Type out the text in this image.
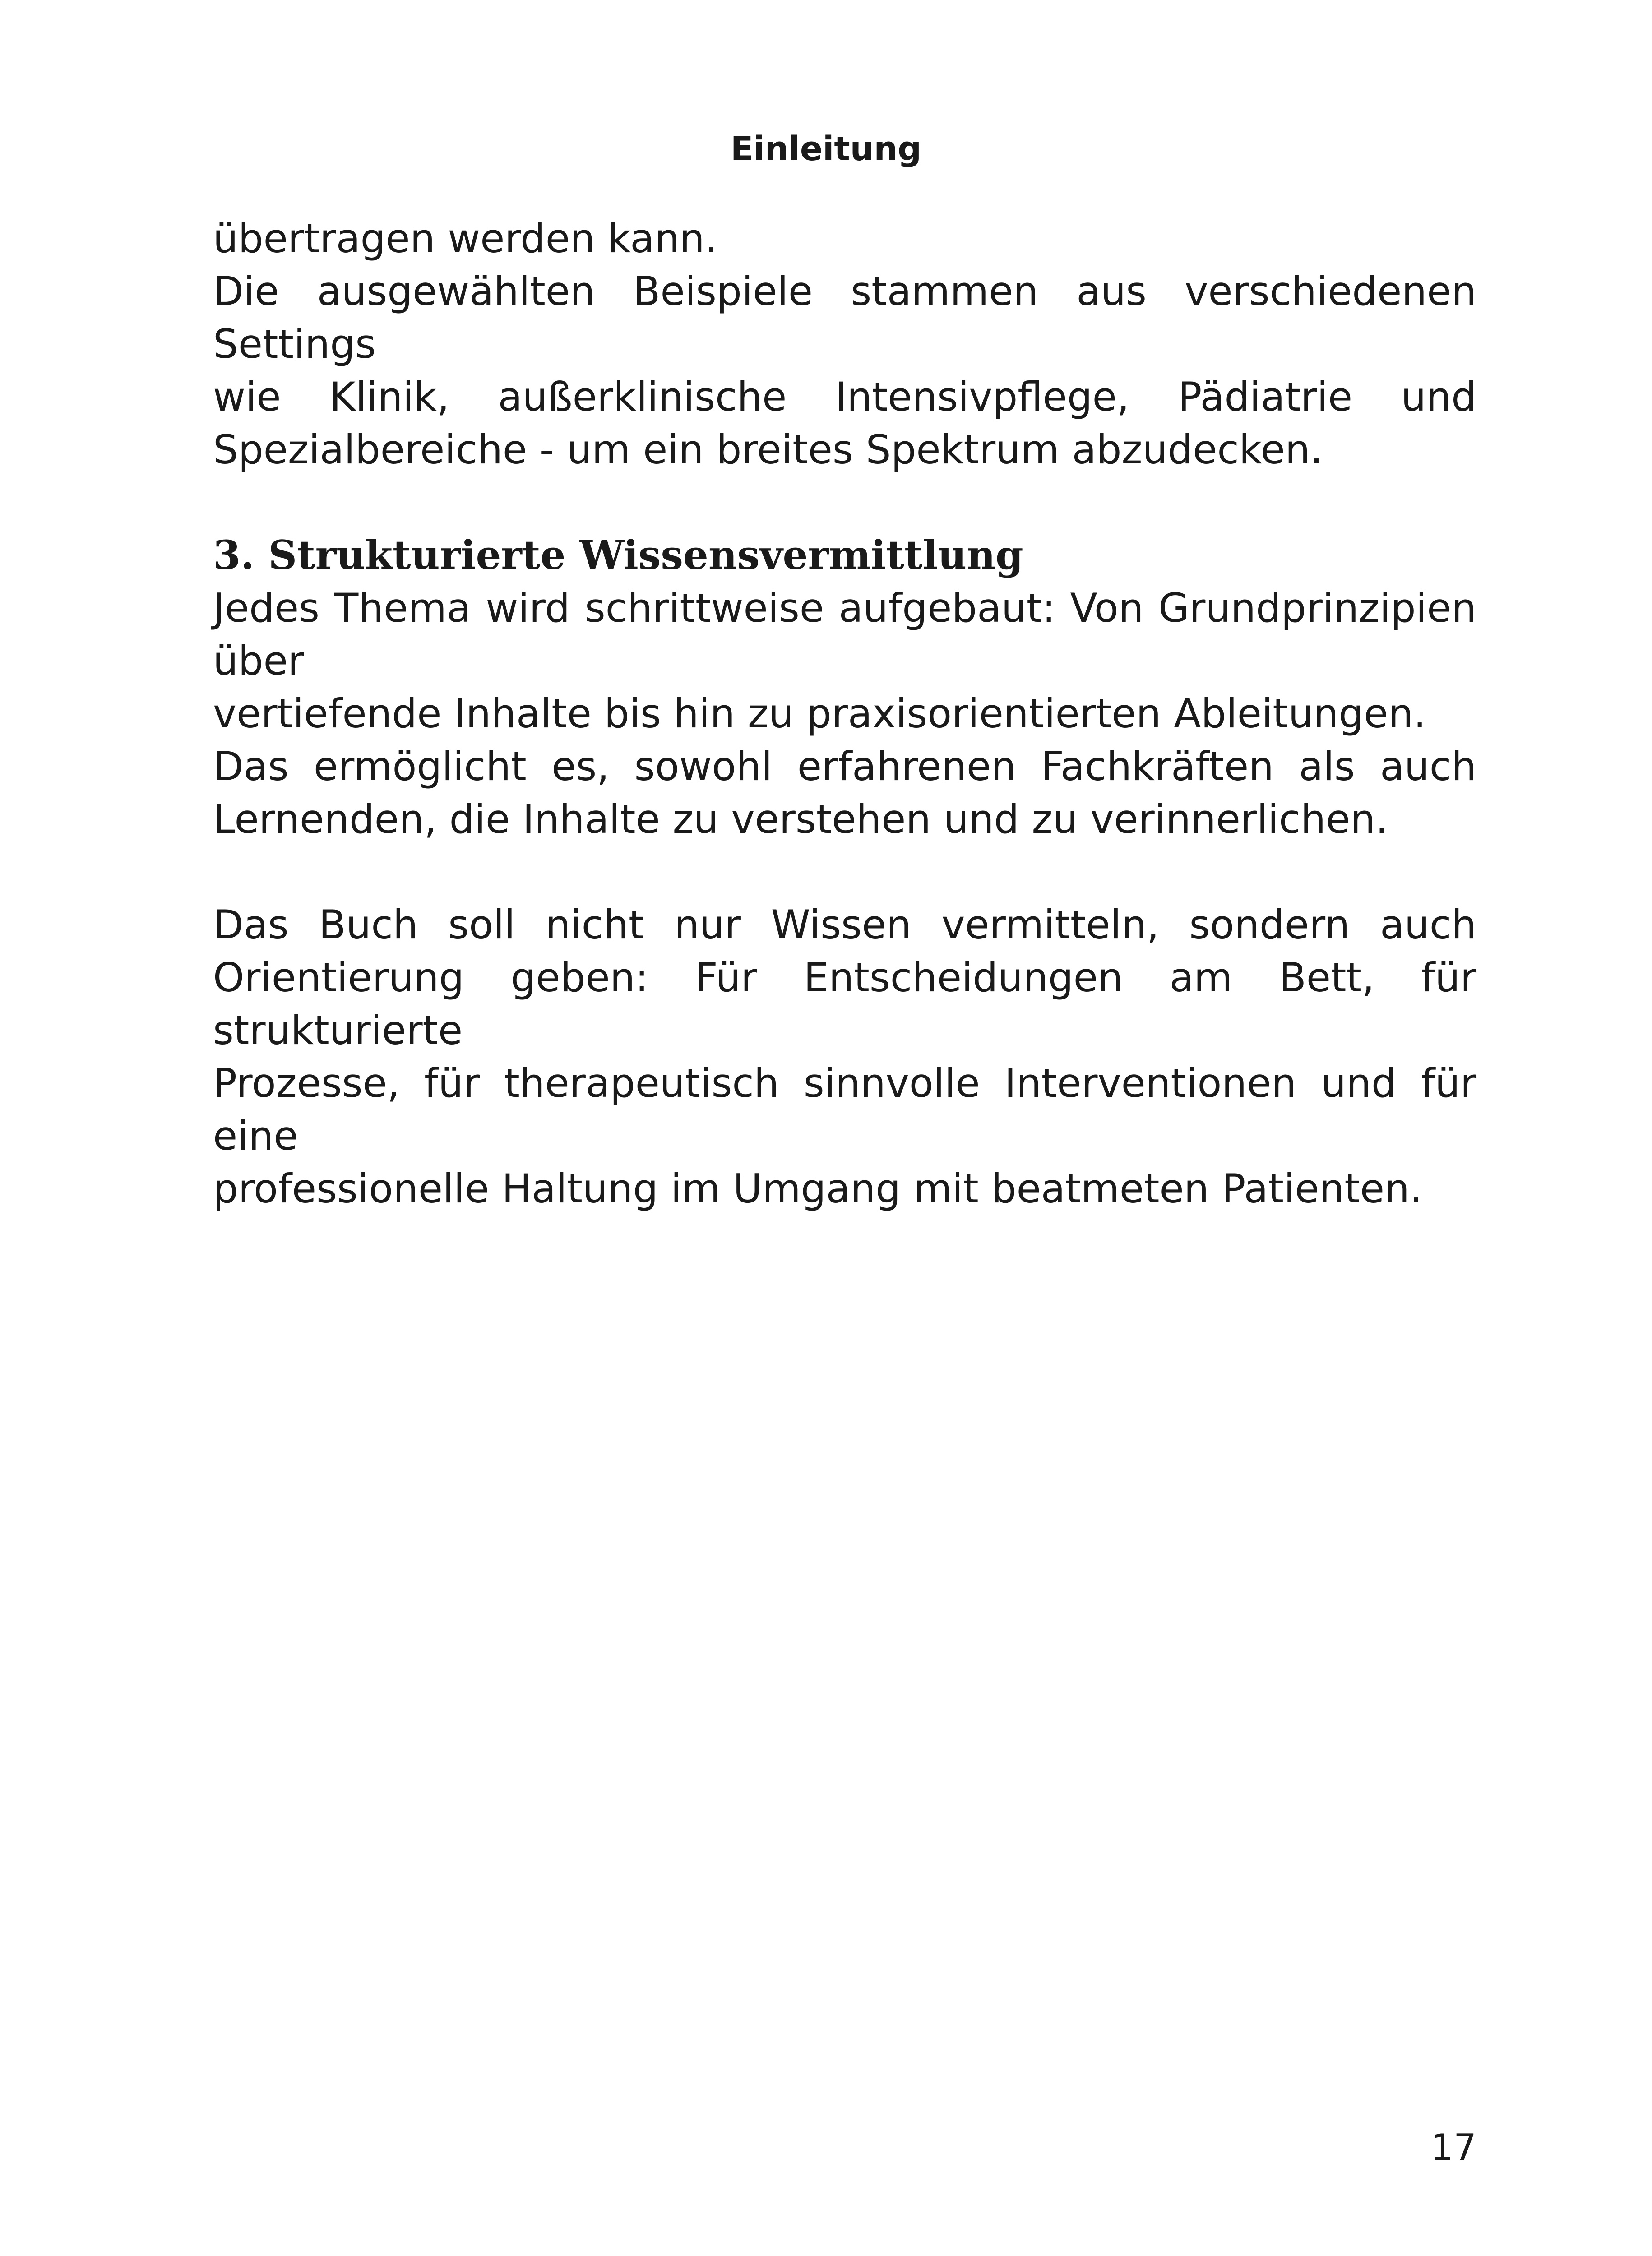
Einleitung

übertragen werden kann.

Die ausgewählten Beispiele stammen aus verschiedenen Settings

wie Klinik, außerklinische Intensivpflege, Pädiatrie und

Spezialbereiche - um ein breites Spektrum abzudecken.

3. Strukturierte Wissensvermittlung

Jedes Thema wird schrittweise aufgebaut: Von Grundprinzipien über

vertiefende Inhalte bis hin zu praxisorientierten Ableitungen.

Das ermöglicht es, sowohl erfahrenen Fachkräften als auch

Lernenden, die Inhalte zu verstehen und zu verinnerlichen.

Das Buch soll nicht nur Wissen vermitteln, sondern auch

Orientierung geben: Für Entscheidungen am Bett, für strukturierte

Prozesse, für therapeutisch sinnvolle Interventionen und für eine

professionelle Haltung im Umgang mit beatmeten Patienten.

17
